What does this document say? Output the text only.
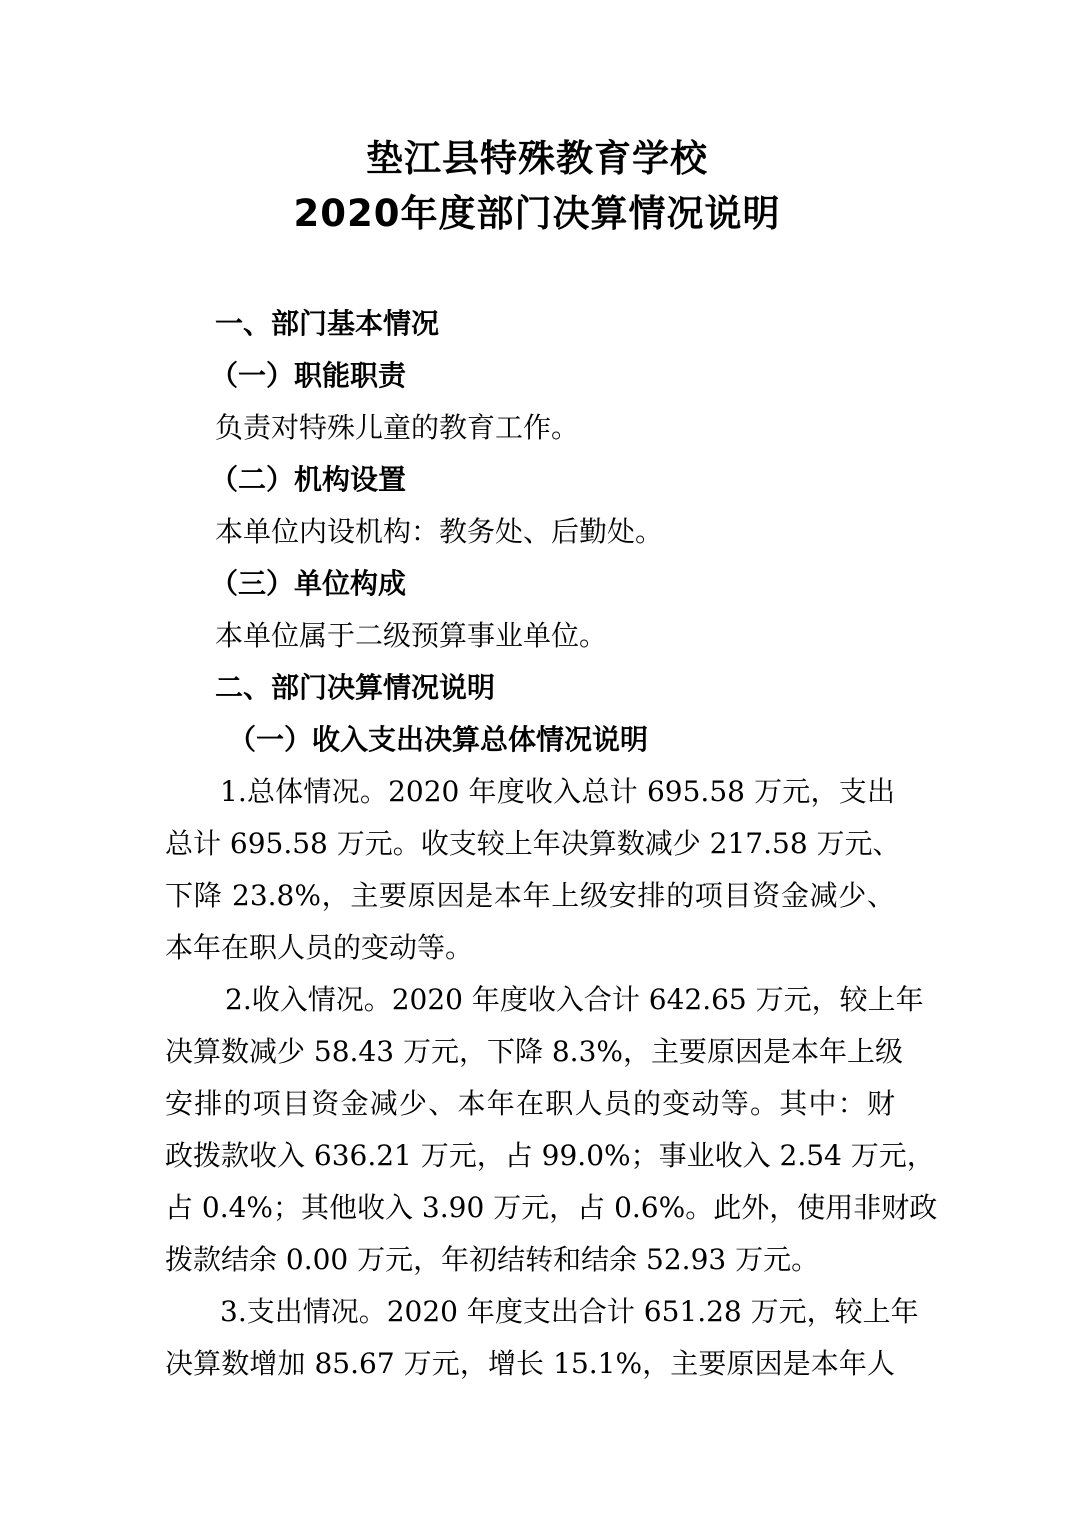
垫江县特殊教育学校
2020年度部门决算情况说明
一、部门基本情况
（一）职能职责
负责对特殊儿童的教育工作。
（二）机构设置
本单位内设机构：教务处、后勤处。
（三）单位构成
本单位属于二级预算事业单位。
二、部门决算情况说明
（一）收入支出决算总体情况说明
1.总体情况。2020 年度收入总计 695.58 万元，支出
总计 695.58 万元。收支较上年决算数减少 217.58 万元、
下降 23.8%，主要原因是本年上级安排的项目资金减少、
本年在职人员的变动等。
2.收入情况。2020 年度收入合计 642.65 万元，较上年
决算数减少 58.43 万元，下降 8.3%，主要原因是本年上级
安排的项目资金减少、本年在职人员的变动等。其中：财
政拨款收入 636.21 万元，占 99.0%；事业收入 2.54 万元，
占 0.4%；其他收入 3.90 万元，占 0.6%。此外，使用非财政
拨款结余 0.00 万元，年初结转和结余 52.93 万元。
3.支出情况。2020 年度支出合计 651.28 万元，较上年
决算数增加 85.67 万元，增长 15.1%，主要原因是本年人
